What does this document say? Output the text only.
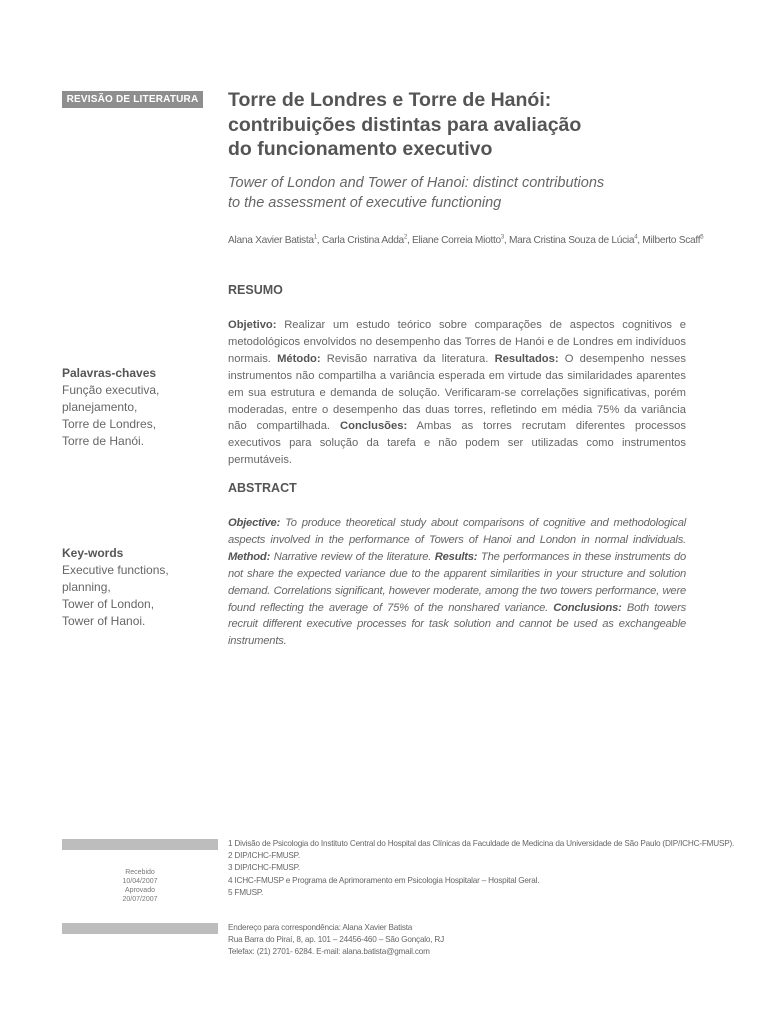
REVISÃO DE LITERATURA Torre de Londres e Torre de Hanói:
contribuições distintas para avaliação
do funcionamento executivo
Tower of London and Tower of Hanoi: distinct contributions
to the assessment of executive functioning
Alana Xavier Batista$^1$, Carla Cristina Adda$^2$, Eliane Correia Miotto$^3$, Mara Cristina Souza de Lúcia$^4$, Milberto Scaff$^5$
RESUMO
Objetivo: Realizar um estudo teórico sobre comparações de aspectos cognitivos e metodológicos envolvidos no desempenho das Torres de Hanói e de Londres em indivíduos normais. Método: Revisão narrativa da literatura. Resultados: O desempenho nesses instrumentos não compartilha a variância esperada em virtude das similaridades aparentes em sua estrutura e demanda de solução. Verificaram-se correlações significativas, porém moderadas, entre o desempenho das duas torres, refletindo em média 75% da variância não compartilhada. Conclusões: Ambas as torres recrutam diferentes processos executivos para solução da tarefa e não podem ser utilizadas como instrumentos permutáveis.
Palavras-chaves
Função executiva,
planejamento,
Torre de Londres,
Torre de Hanói.
ABSTRACT
Objective: To produce theoretical study about comparisons of cognitive and methodological aspects involved in the performance of Towers of Hanoi and London in normal individuals. Method: Narrative review of the literature. Results: The performances in these instruments do not share the expected variance due to the apparent similarities in your structure and solution demand. Correlations significant, however moderate, among the two towers performance, were found reflecting the average of 75% of the nonshared variance. Conclusions: Both towers recruit different executive processes for task solution and cannot be used as exchangeable instruments.
Key-words
Executive functions,
planning,
Tower of London,
Tower of Hanoi.
Recebido
10/04/2007
Aprovado
20/07/2007
1 Divisão de Psicologia do Instituto Central do Hospital das Clínicas da Faculdade de Medicina da Universidade de São Paulo (DIP/ICHC-FMUSP).
2 DIP/ICHC-FMUSP.
3 DIP/ICHC-FMUSP.
4 ICHC-FMUSP e Programa de Aprimoramento em Psicologia Hospitalar – Hospital Geral.
5 FMUSP.
Endereço para correspondência: Alana Xavier Batista
Rua Barra do Piraí, 8, ap. 101 – 24456-460 – São Gonçalo, RJ
Telefax: (21) 2701- 6284. E-mail: alana.batista@gmail.com
